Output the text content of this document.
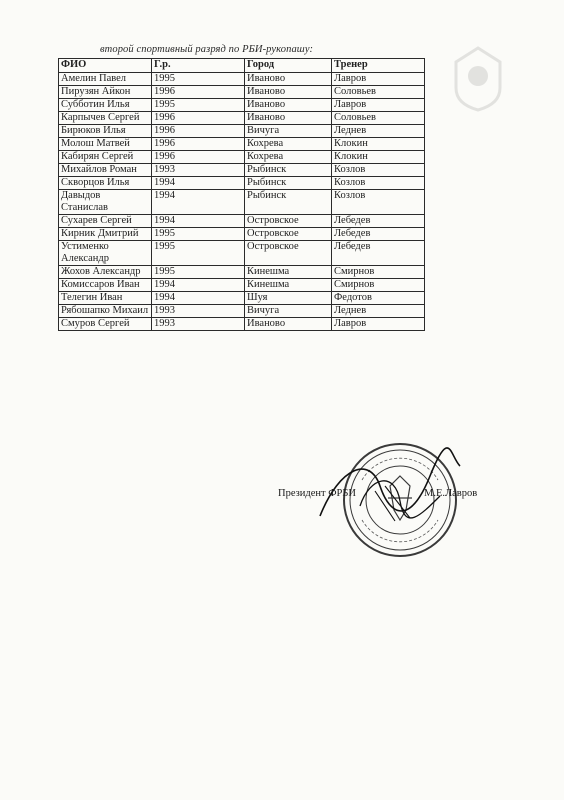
второй спортивный разряд по РБИ-рукопашу:
ФИО	Г.р.	Город	Тренер
Амелин Павел	1995	Иваново	Лавров
Пирузян Айкон	1996	Иваново	Соловьев
Субботин Илья	1995	Иваново	Лавров
Карпычев Сергей	1996	Иваново	Соловьев
Бирюков Илья	1996	Вичуга	Леднев
Молош Матвей	1996	Кохрева	Клокин
Кабирян Сергей	1996	Кохрева	Клокин
Михайлов Роман	1993	Рыбинск	Козлов
Скворцов Илья	1994	Рыбинск	Козлов
Давыдов Станислав	1994	Рыбинск	Козлов
Сухарев Сергей	1994	Островское	Лебедев
Кирник Дмитрий	1995	Островское	Лебедев
Устименко Александр	1995	Островское	Лебедев
Жохов Александр	1995	Кинешма	Смирнов
Комиссаров Иван	1994	Кинешма	Смирнов
Телегин Иван	1994	Шуя	Федотов
Рябошапко Михаил	1993	Вичуга	Леднев
Смуров Сергей	1993	Иваново	Лавров
Президент ФРБИ	М.Е.Лавров
